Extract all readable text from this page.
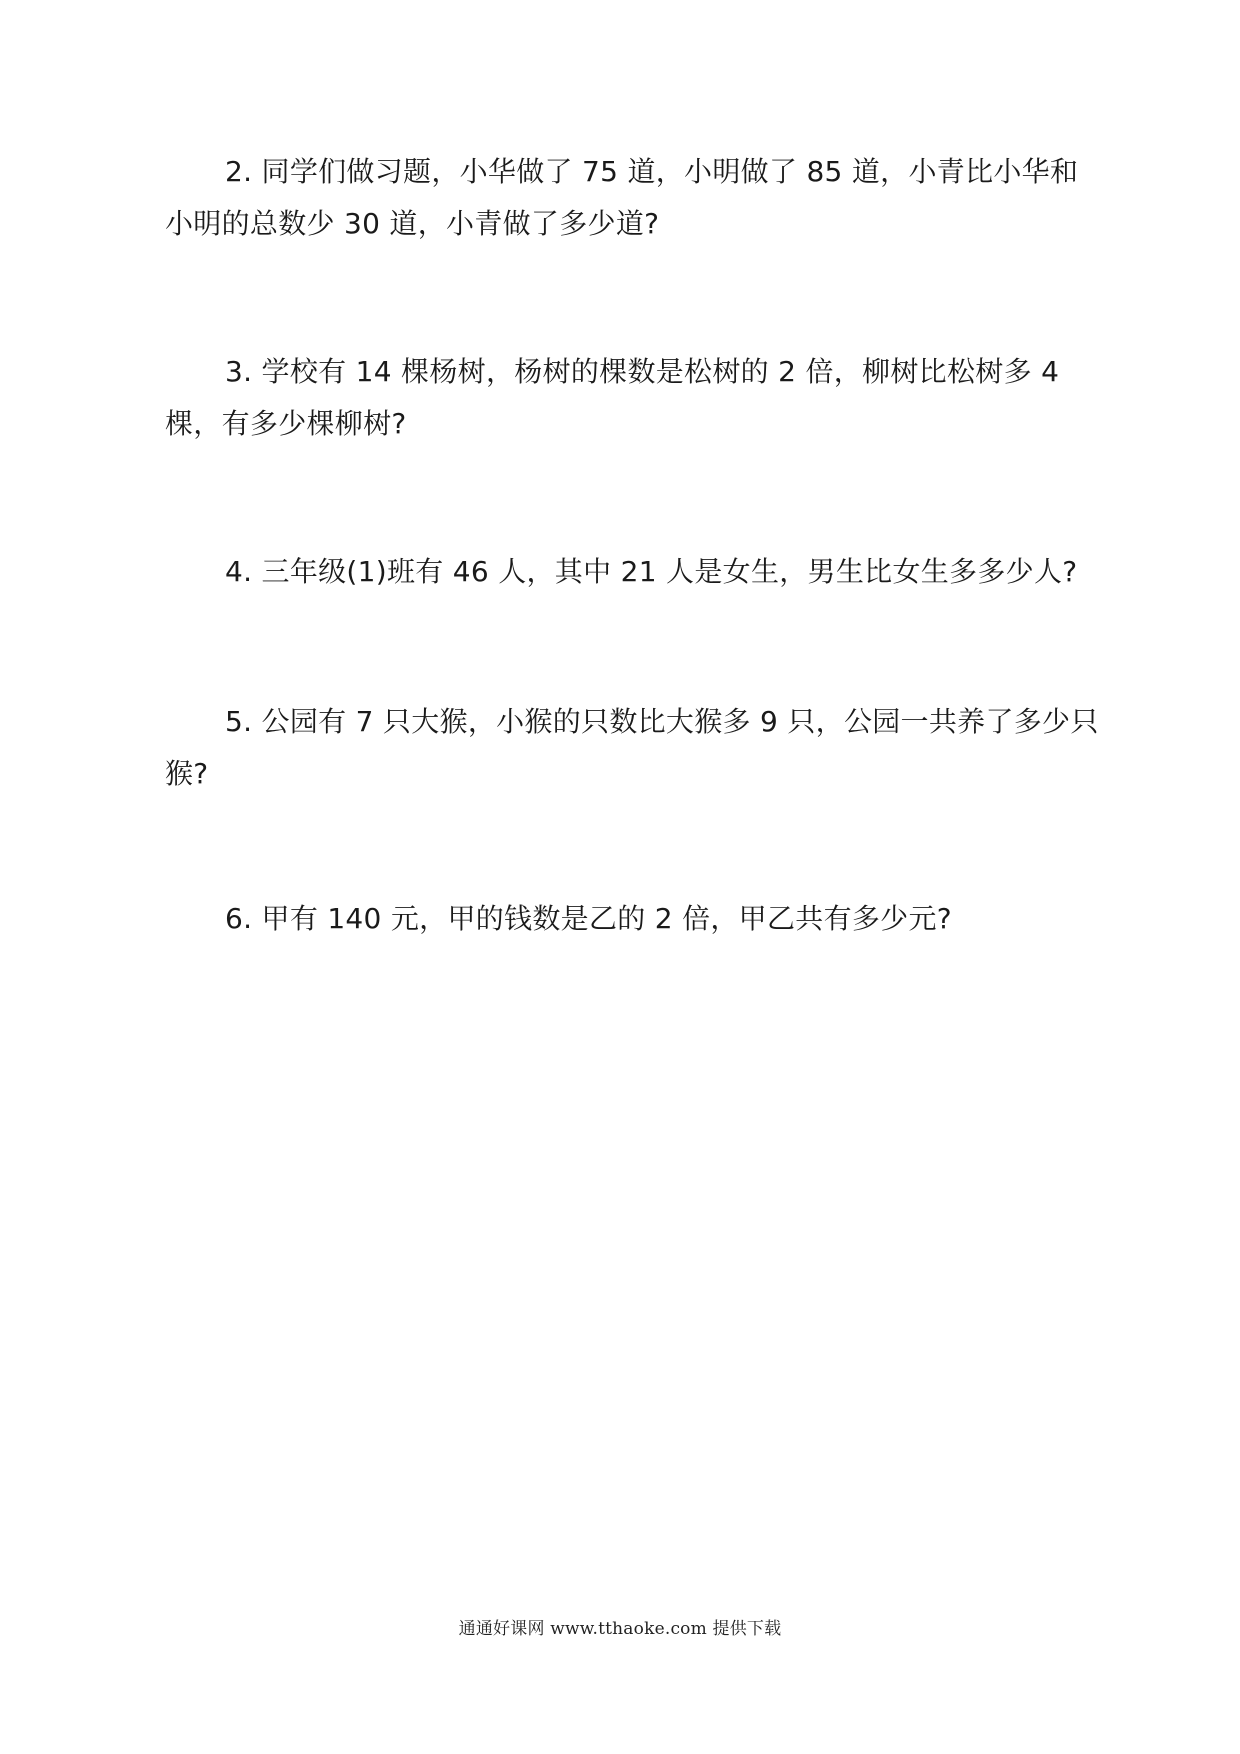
2. 同学们做习题，小华做了 75 道，小明做了 85 道，小青比小华和小明的总数少 30 道，小青做了多少道?

3. 学校有 14 棵杨树，杨树的棵数是松树的 2 倍，柳树比松树多 4 棵，有多少棵柳树?

4. 三年级(1)班有 46 人，其中 21 人是女生，男生比女生多多少人?

5. 公园有 7 只大猴，小猴的只数比大猴多 9 只，公园一共养了多少只猴?

6. 甲有 140 元，甲的钱数是乙的 2 倍，甲乙共有多少元?

通通好课网 www.tthaoke.com 提供下载
